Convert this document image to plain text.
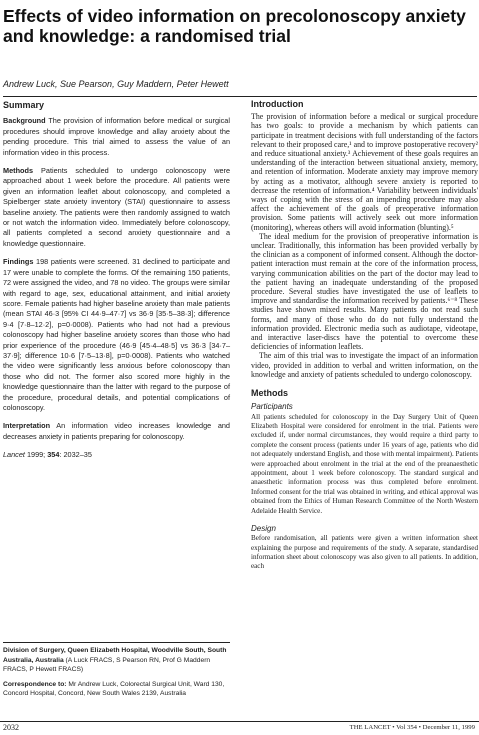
Effects of video information on precolonoscopy anxiety and knowledge: a randomised trial
Andrew Luck, Sue Pearson, Guy Maddern, Peter Hewett
Summary

Background The provision of information before medical or surgical procedures should improve knowledge and allay anxiety about the pending procedure. This trial aimed to assess the value of an information video in this process.

Methods Patients scheduled to undergo colonoscopy were approached about 1 week before the procedure. All patients were given an information leaflet about colonoscopy, and completed a Spielberger state anxiety inventory (STAI) questionnaire to assess baseline anxiety. The patients were then randomly assigned to watch or not watch the information video. Immediately before colonoscopy, all patients completed a second anxiety questionnaire and a knowledge questionnaire.

Findings 198 patients were screened. 31 declined to participate and 17 were unable to complete the forms. Of the remaining 150 patients, 72 were assigned the video, and 78 no video. The groups were similar with regard to age, sex, educational attainment, and initial anxiety score. Female patients had higher baseline anxiety than male patients (mean STAI 46·3 [95% CI 44·9–47·7] vs 36·9 [35·5–38·3]; difference 9·4 [7·8–12·2], p=0·0008). Patients who had not had a previous colonoscopy had higher baseline anxiety scores than those who had prior experience of the procedure (46·9 [45·4–48·5] vs 36·3 [34·7–37·9]; difference 10·6 [7·5–13·8], p=0·0008). Patients who watched the video were significantly less anxious before colonoscopy than those who did not. The former also scored more highly in the knowledge questionnaire than the latter with regard to the purpose of the procedure, procedural details, and potential complications of colonoscopy.

Interpretation An information video increases knowledge and decreases anxiety in patients preparing for colonoscopy.

Lancet 1999; 354: 2032–35

Division of Surgery, Queen Elizabeth Hospital, Woodville South, South Australia, Australia (A Luck FRACS, S Pearson RN, Prof G Maddern FRACS, P Hewett FRACS)

Correspondence to: Mr Andrew Luck, Colorectal Surgical Unit, Ward 130, Concord Hospital, Concord, New South Wales 2139, Australia

Introduction

The provision of information before a medical or surgical procedure has two goals: to provide a mechanism by which patients can participate in treatment decisions with full understanding of the factors relevant to their proposed care,¹ and to improve postoperative recovery² and reduce situational anxiety.³ Achievement of these goals requires an understanding of the interaction between situational anxiety, memory, and retention of information. Moderate anxiety may improve memory by acting as a motivator, although severe anxiety is reported to decrease the retention of information.⁴ Variability between individuals' ways of coping with the stress of an impending procedure may also affect the achievement of the goals of preoperative information provision. Some patients will actively seek out more information (monitoring), whereas others will avoid information (blunting).⁵

The ideal medium for the provision of preoperative information is unclear. Traditionally, this information has been provided verbally by the clinician as a component of informed consent. Although the doctor-patient interaction must remain at the core of the information process, varying communication abilities on the part of the doctor may lead to the patient having an inadequate understanding of the proposed procedure. Several studies have investigated the use of leaflets to improve and standardise the information received by patients.⁶⁻⁸ These studies have shown mixed results. Many patients do not read such forms, and many of those who do do not fully understand the information provided. Electronic media such as audiotape, videotape, and interactive laser-discs have the potential to overcome these deficiencies of information leaflets.

The aim of this trial was to investigate the impact of an information video, provided in addition to verbal and written information, on the knowledge and anxiety of patients scheduled to undergo colonoscopy.

Methods
Participants

All patients scheduled for colonoscopy in the Day Surgery Unit of Queen Elizabeth Hospital were considered for enrolment in the trial. Patients were excluded if, under normal circumstances, they would require a third party to complete the consent process (patients under 16 years of age, patients who did not adequately understand English, and those with mental impairment). Patients were approached about enrolment in the trial at the end of the preanaesthetic appointment, about 1 week before colonoscopy. The standard surgical and anaesthetic information process was thus completed before enrolment. Informed consent for the trial was obtained in writing, and ethical approval was obtained from the Ethics of Human Research Committee of the North Western Adelaide Health Service.

Design

Before randomisation, all patients were given a written information sheet explaining the purpose and requirements of the study. A separate, standardised information sheet about colonoscopy was also given to all patients. In addition, each

2032	THE LANCET • Vol 354 • December 11, 1999
